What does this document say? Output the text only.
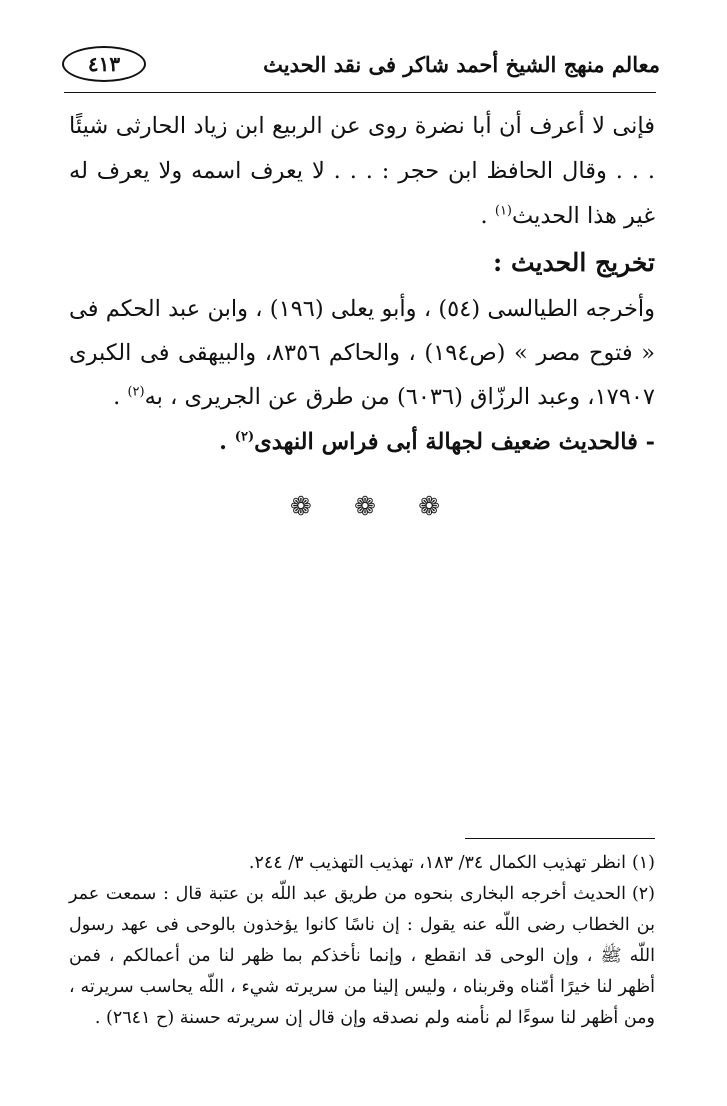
معالم منهج الشيخ أحمد شاكر فى نقد الحديث
٤١٣

فإنى لا أعرف أن أبا نضرة روى عن الربيع ابن زياد الحارثى شيئًا . . . وقال الحافظ ابن حجر : . . . لا يعرف اسمه ولا يعرف له غير هذا الحديث$^{(١)}$ .

تخريج الحديث :

وأخرجه الطيالسى (٥٤) ، وأبو يعلى (١٩٦) ، وابن عبد الحكم فى « فتوح مصر » (ص١٩٤) ، والحاكم ٨٣٥٦، والبيهقى فى الكبرى ١٧٩٠٧، وعبد الرزّاق (٦٠٣٦) من طرق عن الجريرى ، به$^{(٢)}$ .

- فالحديث ضعيف لجهالة أبى فراس النهدى$^{(٢)}$ .
❁
❁
❁

(١)انظر تهذيب الكمال ٣٤/ ١٨٣، تهذيب التهذيب ٣/ ٢٤٤.

(٢)الحديث أخرجه البخارى بنحوه من طريق عبد اللّه بن عتبة قال : سمعت عمر بن الخطاب رضى اللّه عنه يقول : إن ناسًا كانوا يؤخذون بالوحى فى عهد رسول اللّه ﷺ ، وإن الوحى قد انقطع ، وإنما نأخذكم بما ظهر لنا من أعمالكم ، فمن أظهر لنا خيرًا أمّناه وقربناه ، وليس إلينا من سريرته شيء ، اللّه يحاسب سريرته ، ومن أظهر لنا سوءًا لم نأمنه ولم نصدقه وإن قال إن سريرته حسنة (ح ٢٦٤١) .
